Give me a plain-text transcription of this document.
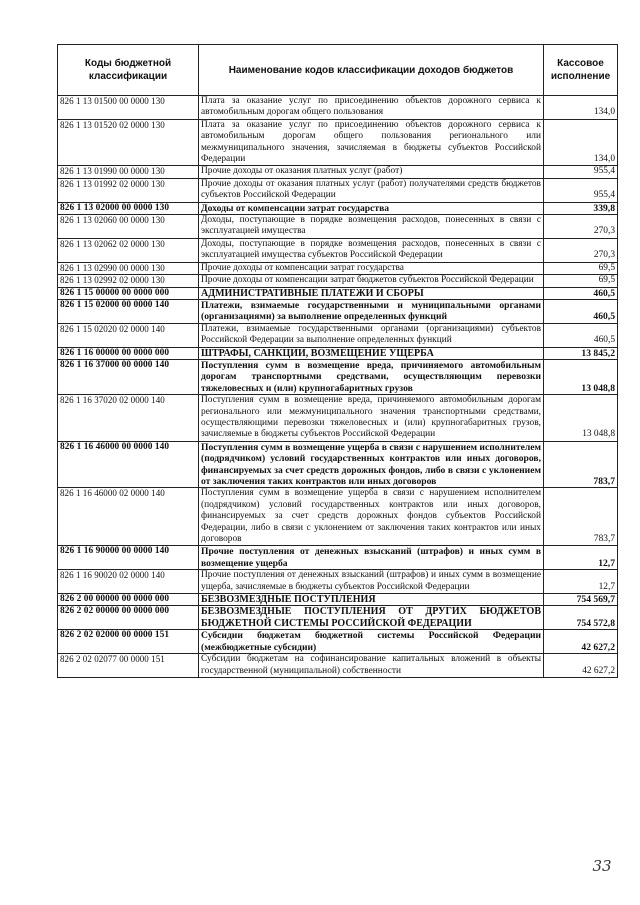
Коды бюджетной классификации	Наименование кодов классификации доходов бюджетов	Кассовое исполнение
826 1 13 01500 00 0000 130	Плата за оказание услуг по присоединению объектов дорожного сервиса к автомобильным дорогам общего пользования	134,0
826 1 13 01520 02 0000 130	Плата за оказание услуг по присоединению объектов дорожного сервиса к автомобильным дорогам общего пользования регионального или межмуниципального значения, зачисляемая в бюджеты субъектов Российской Федерации	134,0
826 1 13 01990 00 0000 130	Прочие доходы от оказания платных услуг (работ)	955,4
826 1 13 01992 02 0000 130	Прочие доходы от оказания платных услуг (работ) получателями средств бюджетов субъектов Российской Федерации	955,4
826 1 13 02000 00 0000 130	Доходы от компенсации затрат государства	339,8
826 1 13 02060 00 0000 130	Доходы, поступающие в порядке возмещения расходов, понесенных в связи с эксплуатацией имущества	270,3
826 1 13 02062 02 0000 130	Доходы, поступающие в порядке возмещения расходов, понесенных в связи с эксплуатацией имущества субъектов Российской Федерации	270,3
826 1 13 02990 00 0000 130	Прочие доходы от компенсации затрат государства	69,5
826 1 13 02992 02 0000 130	Прочие доходы от компенсации затрат бюджетов субъектов Российской Федерации	69,5
826 1 15 00000 00 0000 000	АДМИНИСТРАТИВНЫЕ ПЛАТЕЖИ И СБОРЫ	460,5
826 1 15 02000 00 0000 140	Платежи, взимаемые государственными и муниципальными органами (организациями) за выполнение определенных функций	460,5
826 1 15 02020 02 0000 140	Платежи, взимаемые государственными органами (организациями) субъектов Российской Федерации за выполнение определенных функций	460,5
826 1 16 00000 00 0000 000	ШТРАФЫ, САНКЦИИ, ВОЗМЕЩЕНИЕ УЩЕРБА	13 845,2
826 1 16 37000 00 0000 140	Поступления сумм в возмещение вреда, причиняемого автомобильным дорогам транспортными средствами, осуществляющим перевозки тяжеловесных и (или) крупногабаритных грузов	13 048,8
826 1 16 37020 02 0000 140	Поступления сумм в возмещение вреда, причиняемого автомобильным дорогам регионального или межмуниципального значения транспортными средствами, осуществляющими перевозки тяжеловесных и (или) крупногабаритных грузов, зачисляемые в бюджеты субъектов Российской Федерации	13 048,8
826 1 16 46000 00 0000 140	Поступления сумм в возмещение ущерба в связи с нарушением исполнителем (подрядчиком) условий государственных контрактов или иных договоров, финансируемых за счет средств дорожных фондов, либо в связи с уклонением от заключения таких контрактов или иных договоров	783,7
826 1 16 46000 02 0000 140	Поступления сумм в возмещение ущерба в связи с нарушением исполнителем (подрядчиком) условий государственных контрактов или иных договоров, финансируемых за счет средств дорожных фондов субъектов Российской Федерации, либо в связи с уклонением от заключения таких контрактов или иных договоров	783,7
826 1 16 90000 00 0000 140	Прочие поступления от денежных взысканий (штрафов) и иных сумм в возмещение ущерба	12,7
826 1 16 90020 02 0000 140	Прочие поступления от денежных взысканий (штрафов) и иных сумм в возмещение ущерба, зачисляемые в бюджеты субъектов Российской Федерации	12,7
826 2 00 00000 00 0000 000	БЕЗВОЗМЕЗДНЫЕ ПОСТУПЛЕНИЯ	754 569,7
826 2 02 00000 00 0000 000	БЕЗВОЗМЕЗДНЫЕ ПОСТУПЛЕНИЯ ОТ ДРУГИХ БЮДЖЕТОВ БЮДЖЕТНОЙ СИСТЕМЫ РОССИЙСКОЙ ФЕДЕРАЦИИ	754 572,8
826 2 02 02000 00 0000 151	Субсидии бюджетам бюджетной системы Российской Федерации (межбюджетные субсидии)	42 627,2
826 2 02 02077 00 0000 151	Субсидии бюджетам на софинансирование капитальных вложений в объекты государственной (муниципальной) собственности	42 627,2
33
